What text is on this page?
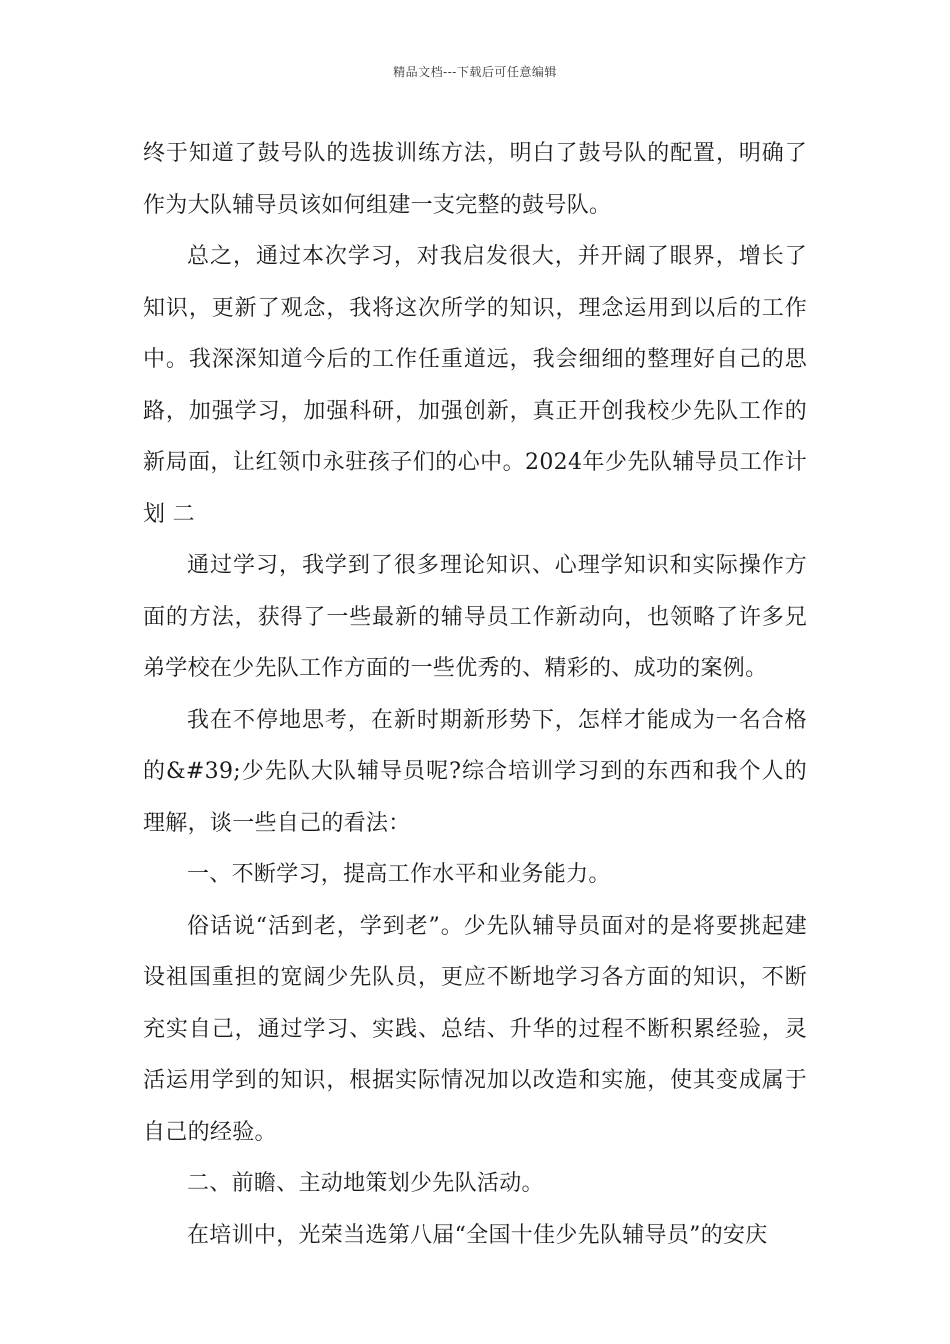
精品文档---下载后可任意编辑

终于知道了鼓号队的选拔训练方法，明白了鼓号队的配置，明确了作为大队辅导员该如何组建一支完整的鼓号队。

总之，通过本次学习，对我启发很大，并开阔了眼界，增长了知识，更新了观念，我将这次所学的知识，理念运用到以后的工作中。我深深知道今后的工作任重道远，我会细细的整理好自己的思路，加强学习，加强科研，加强创新，真正开创我校少先队工作的新局面，让红领巾永驻孩子们的心中。2024年少先队辅导员工作计划 二

通过学习，我学到了很多理论知识、心理学知识和实际操作方面的方法，获得了一些最新的辅导员工作新动向，也领略了许多兄弟学校在少先队工作方面的一些优秀的、精彩的、成功的案例。

我在不停地思考，在新时期新形势下，怎样才能成为一名合格的&#39;少先队大队辅导员呢?综合培训学习到的东西和我个人的理解，谈一些自己的看法：

一、不断学习，提高工作水平和业务能力。

俗话说“活到老，学到老”。少先队辅导员面对的是将要挑起建设祖国重担的宽阔少先队员，更应不断地学习各方面的知识，不断充实自己，通过学习、实践、总结、升华的过程不断积累经验，灵活运用学到的知识，根据实际情况加以改造和实施，使其变成属于自己的经验。

二、前瞻、主动地策划少先队活动。

在培训中，光荣当选第八届“全国十佳少先队辅导员”的安庆
